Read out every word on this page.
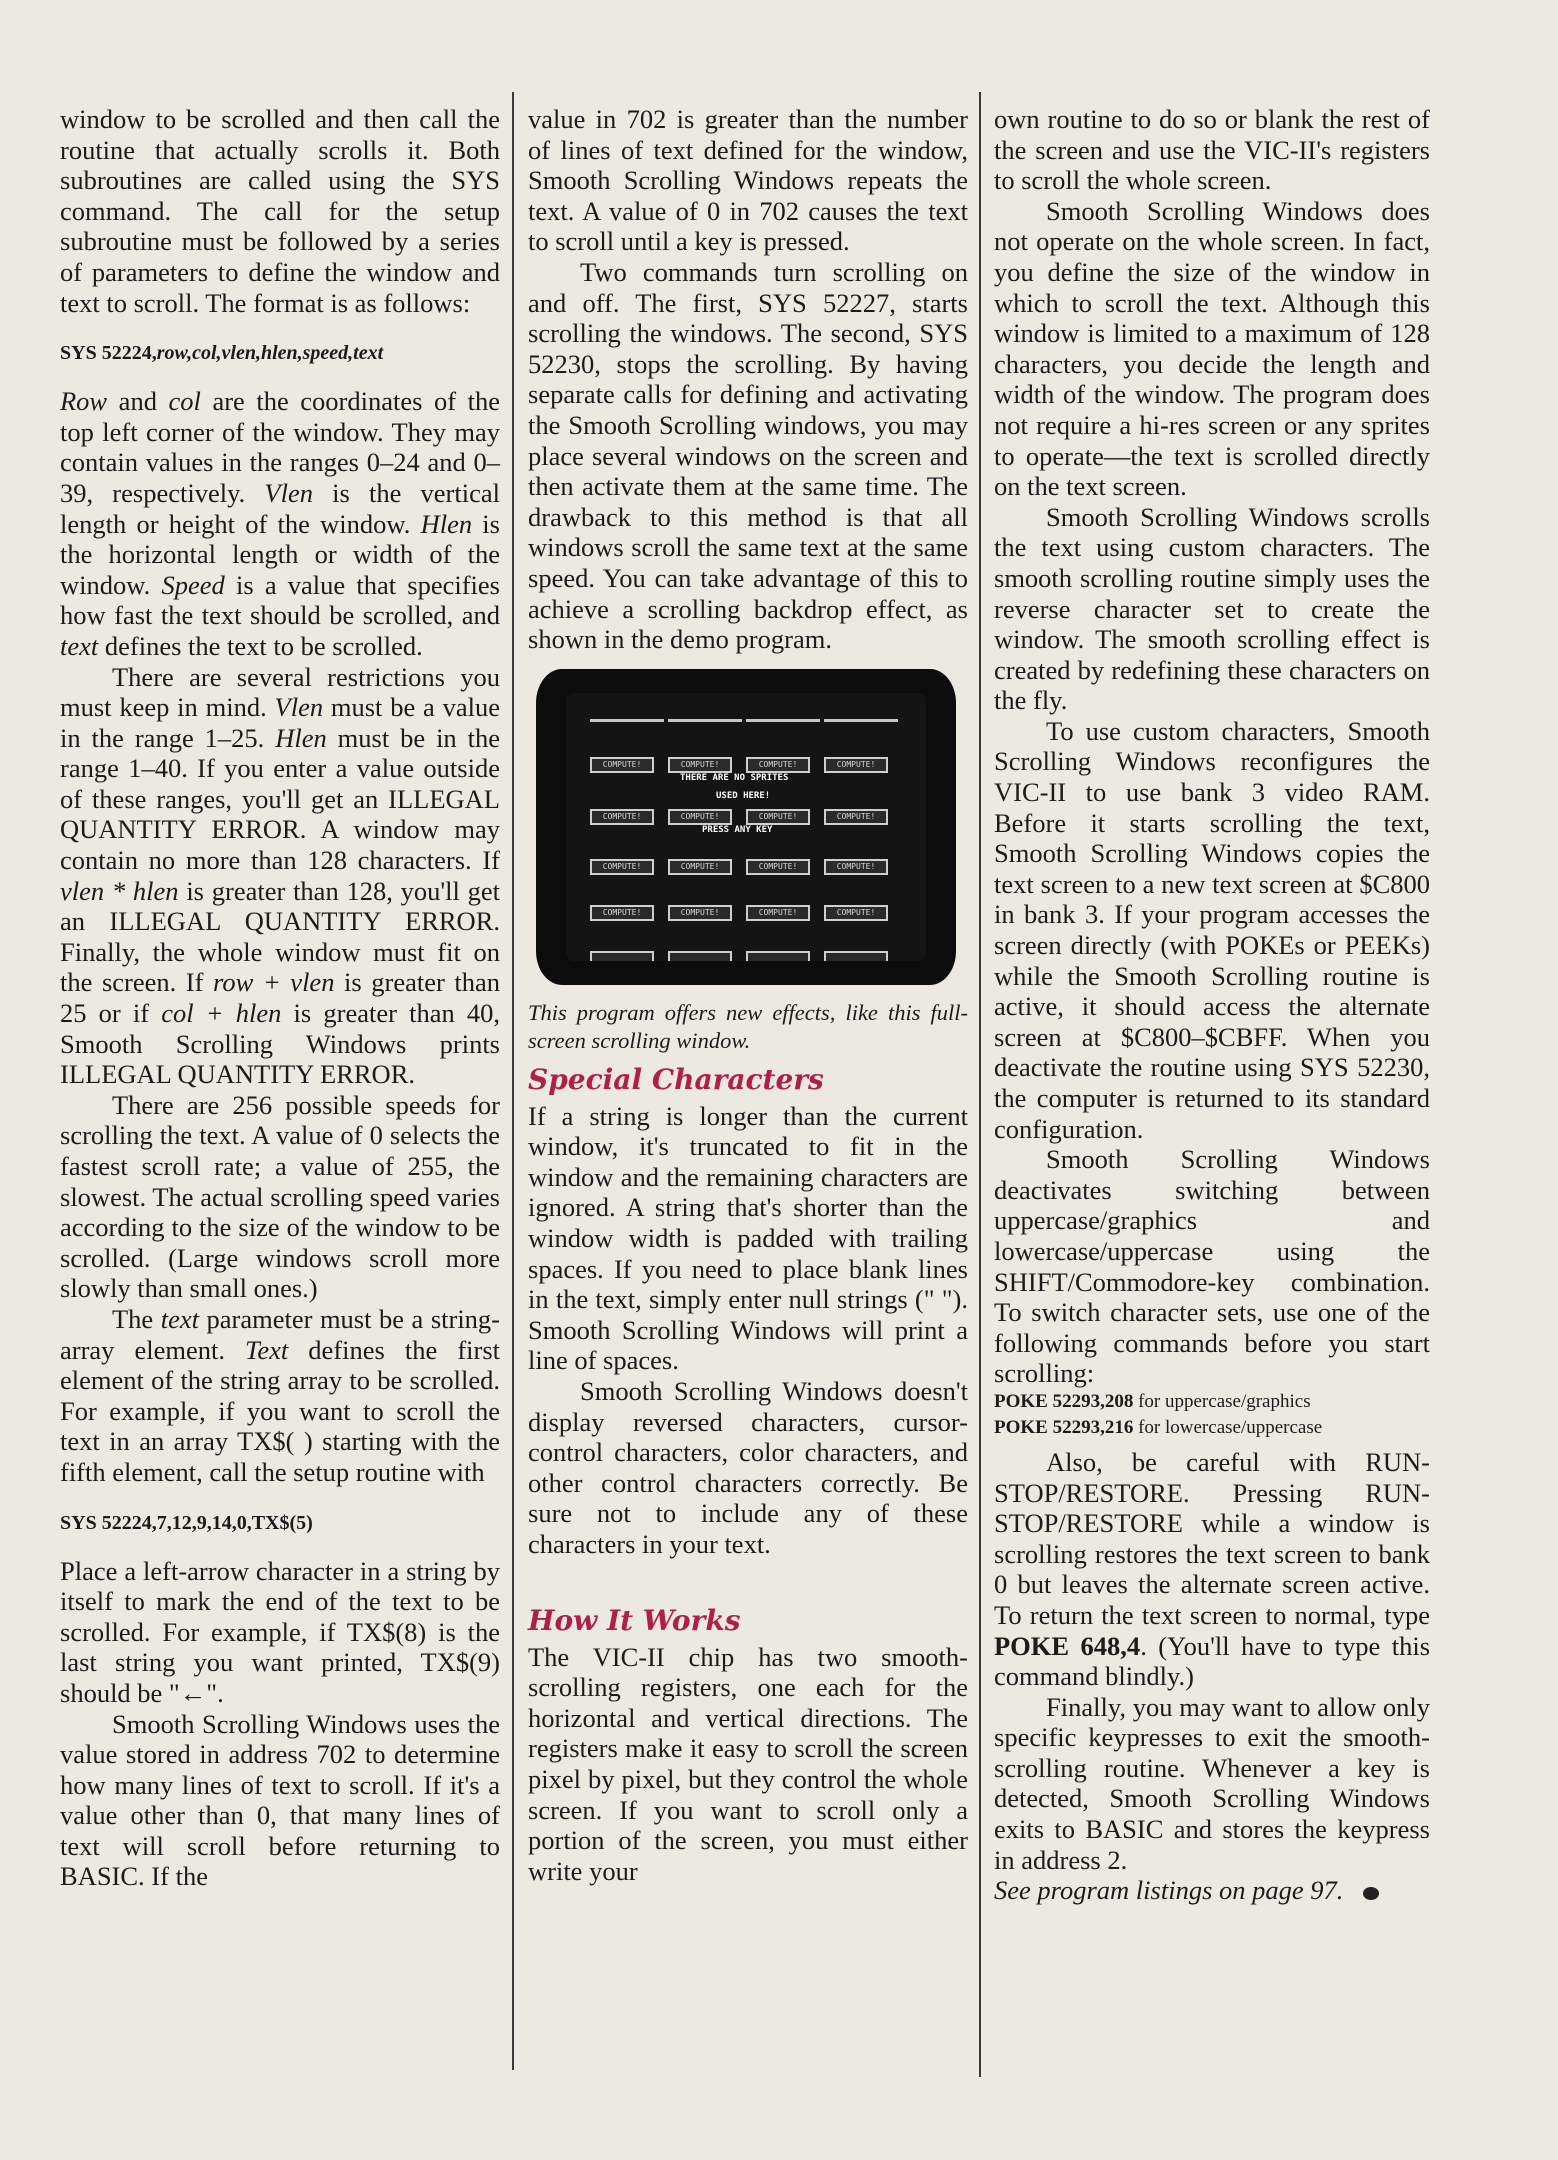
window to be scrolled and then call the routine that actually scrolls it. Both subroutines are called using the SYS command. The call for the setup subroutine must be followed by a series of parameters to define the window and text to scroll. The format is as follows:

SYS 52224,row,col,vlen,hlen,speed,text

Row and col are the coordinates of the top left corner of the window. They may contain values in the ranges 0–24 and 0–39, respectively. Vlen is the vertical length or height of the window. Hlen is the horizontal length or width of the window. Speed is a value that specifies how fast the text should be scrolled, and text defines the text to be scrolled.

There are several restrictions you must keep in mind. Vlen must be a value in the range 1–25. Hlen must be in the range 1–40. If you enter a value outside of these ranges, you'll get an ILLEGAL QUANTITY ERROR. A window may contain no more than 128 characters. If vlen * hlen is greater than 128, you'll get an ILLEGAL QUANTITY ERROR. Finally, the whole window must fit on the screen. If row + vlen is greater than 25 or if col + hlen is greater than 40, Smooth Scrolling Windows prints ILLEGAL QUANTITY ERROR.

There are 256 possible speeds for scrolling the text. A value of 0 selects the fastest scroll rate; a value of 255, the slowest. The actual scrolling speed varies according to the size of the window to be scrolled. (Large windows scroll more slowly than small ones.)

The text parameter must be a string-array element. Text defines the first element of the string array to be scrolled. For example, if you want to scroll the text in an array TX$( ) starting with the fifth element, call the setup routine with

SYS 52224,7,12,9,14,0,TX$(5)

Place a left-arrow character in a string by itself to mark the end of the text to be scrolled. For example, if TX$(8) is the last string you want printed, TX$(9) should be "←".

Smooth Scrolling Windows uses the value stored in address 702 to determine how many lines of text to scroll. If it's a value other than 0, that many lines of text will scroll before returning to BASIC. If the

value in 702 is greater than the number of lines of text defined for the window, Smooth Scrolling Windows repeats the text. A value of 0 in 702 causes the text to scroll until a key is pressed.

Two commands turn scrolling on and off. The first, SYS 52227, starts scrolling the windows. The second, SYS 52230, stops the scrolling. By having separate calls for defining and activating the Smooth Scrolling windows, you may place several windows on the screen and then activate them at the same time. The drawback to this method is that all windows scroll the same text at the same speed. You can take advantage of this to achieve a scrolling backdrop effect, as shown in the demo program.

COMPUTE!	COMPUTE!	COMPUTE!	COMPUTE!
COMPUTE!	COMPUTE!	COMPUTE!	COMPUTE!
COMPUTE!	COMPUTE!	COMPUTE!	COMPUTE!
COMPUTE!	COMPUTE!	COMPUTE!	COMPUTE!
THERE ARE NO SPRITES
USED HERE!
PRESS ANY KEY

This program offers new effects, like this full-screen scrolling window.

Special Characters

If a string is longer than the current window, it's truncated to fit in the window and the remaining characters are ignored. A string that's shorter than the window width is padded with trailing spaces. If you need to place blank lines in the text, simply enter null strings (" "). Smooth Scrolling Windows will print a line of spaces.

Smooth Scrolling Windows doesn't display reversed characters, cursor-control characters, color characters, and other control characters correctly. Be sure not to include any of these characters in your text.

How It Works

The VIC-II chip has two smooth-scrolling registers, one each for the horizontal and vertical directions. The registers make it easy to scroll the screen pixel by pixel, but they control the whole screen. If you want to scroll only a portion of the screen, you must either write your

own routine to do so or blank the rest of the screen and use the VIC-II's registers to scroll the whole screen.

Smooth Scrolling Windows does not operate on the whole screen. In fact, you define the size of the window in which to scroll the text. Although this window is limited to a maximum of 128 characters, you decide the length and width of the window. The program does not require a hi-res screen or any sprites to operate—the text is scrolled directly on the text screen.

Smooth Scrolling Windows scrolls the text using custom characters. The smooth scrolling routine simply uses the reverse character set to create the window. The smooth scrolling effect is created by redefining these characters on the fly.

To use custom characters, Smooth Scrolling Windows reconfigures the VIC-II to use bank 3 video RAM. Before it starts scrolling the text, Smooth Scrolling Windows copies the text screen to a new text screen at $C800 in bank 3. If your program accesses the screen directly (with POKEs or PEEKs) while the Smooth Scrolling routine is active, it should access the alternate screen at $C800–$CBFF. When you deactivate the routine using SYS 52230, the computer is returned to its standard configuration.

Smooth Scrolling Windows deactivates switching between uppercase/graphics and lowercase/uppercase using the SHIFT/Commodore-key combination. To switch character sets, use one of the following commands before you start scrolling:

POKE 52293,208 for uppercase/graphics
POKE 52293,216 for lowercase/uppercase

Also, be careful with RUN-STOP/RESTORE. Pressing RUN-STOP/RESTORE while a window is scrolling restores the text screen to bank 0 but leaves the alternate screen active. To return the text screen to normal, type POKE 648,4. (You'll have to type this command blindly.)

Finally, you may want to allow only specific keypresses to exit the smooth-scrolling routine. Whenever a key is detected, Smooth Scrolling Windows exits to BASIC and stores the keypress in address 2.

See program listings on page 97.
